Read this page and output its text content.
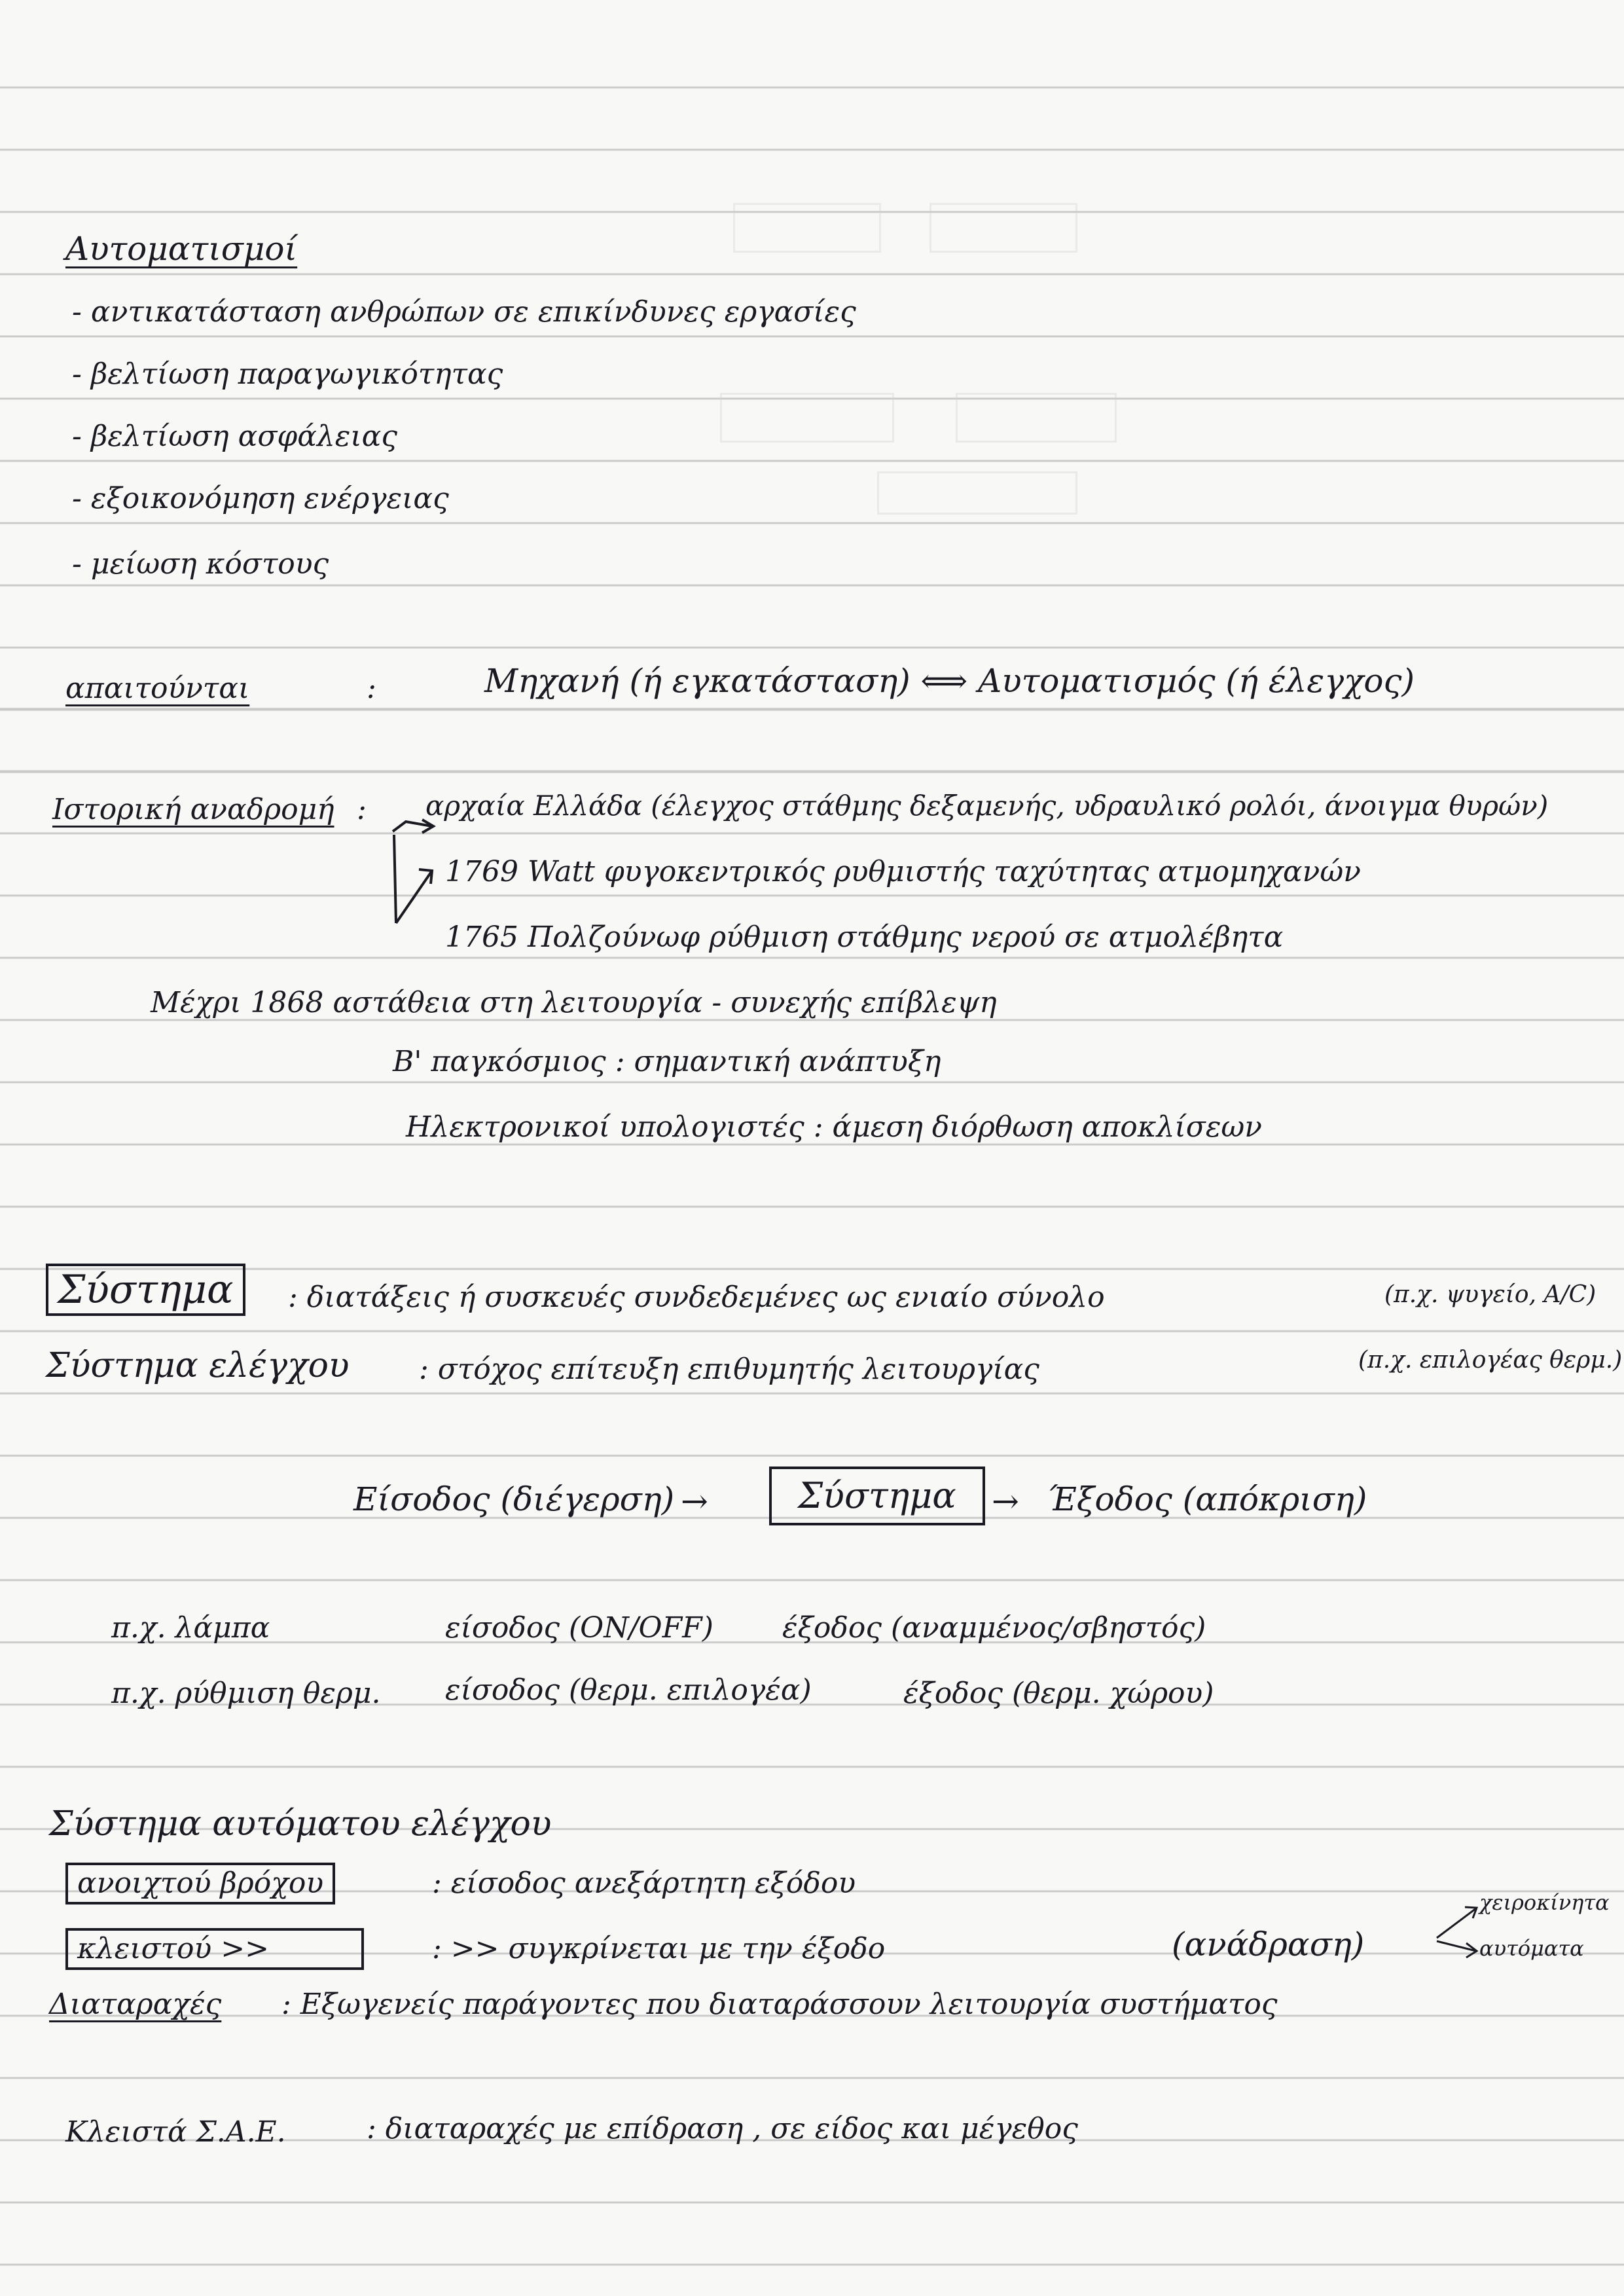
Αυτοματισμοί
- αντικατάσταση ανθρώπων σε επικίνδυνες εργασίες
- βελτίωση παραγωγικότητας
- βελτίωση ασφάλειας
- εξοικονόμηση ενέργειας
- μείωση κόστους
απαιτούνται	:	Μηχανή (ή εγκατάσταση) ⟺ Αυτοματισμός (ή έλεγχος)
Ιστορική αναδρομή : αρχαία Ελλάδα (έλεγχος στάθμης δεξαμενής, υδραυλικό ρολόι, άνοιγμα θυρών)
1769 Watt φυγοκεντρικός ρυθμιστής ταχύτητας ατμομηχανών
1765 Πολζούνωφ ρύθμιση στάθμης νερού σε ατμολέβητα
Μέχρι 1868 αστάθεια στη λειτουργία - συνεχής επίβλεψη
Β' παγκόσμιος : σημαντική ανάπτυξη
Ηλεκτρονικοί υπολογιστές : άμεση διόρθωση αποκλίσεων
Σύστημα	: διατάξεις ή συσκευές συνδεδεμένες ως ενιαίο σύνολο	(π.χ. ψυγείο, A/C)
Σύστημα ελέγχου : στόχος επίτευξη επιθυμητής λειτουργίας	(π.χ. επιλογέας θερμ.)
Είσοδος (διέγερση) →	Σύστημα	→ Έξοδος (απόκριση)
π.χ. λάμπα	είσοδος (ON/OFF) έξοδος (αναμμένος/σβηστός)
π.χ. ρύθμιση θερμ. είσοδος (θερμ. επιλογέα)	έξοδος (θερμ. χώρου)
Σύστημα αυτόματου ελέγχου
ανοιχτού βρόχου	: είσοδος ανεξάρτητη εξόδου
κλειστού >>	: >> συγκρίνεται με την έξοδο	(ανάδραση)
χειροκίνητα
αυτόματα
Διαταραχές : Εξωγενείς παράγοντες που διαταράσσουν λειτουργία συστήματος
Κλειστά Σ.Α.Ε.	: διαταραχές με επίδραση , σε είδος και μέγεθος
